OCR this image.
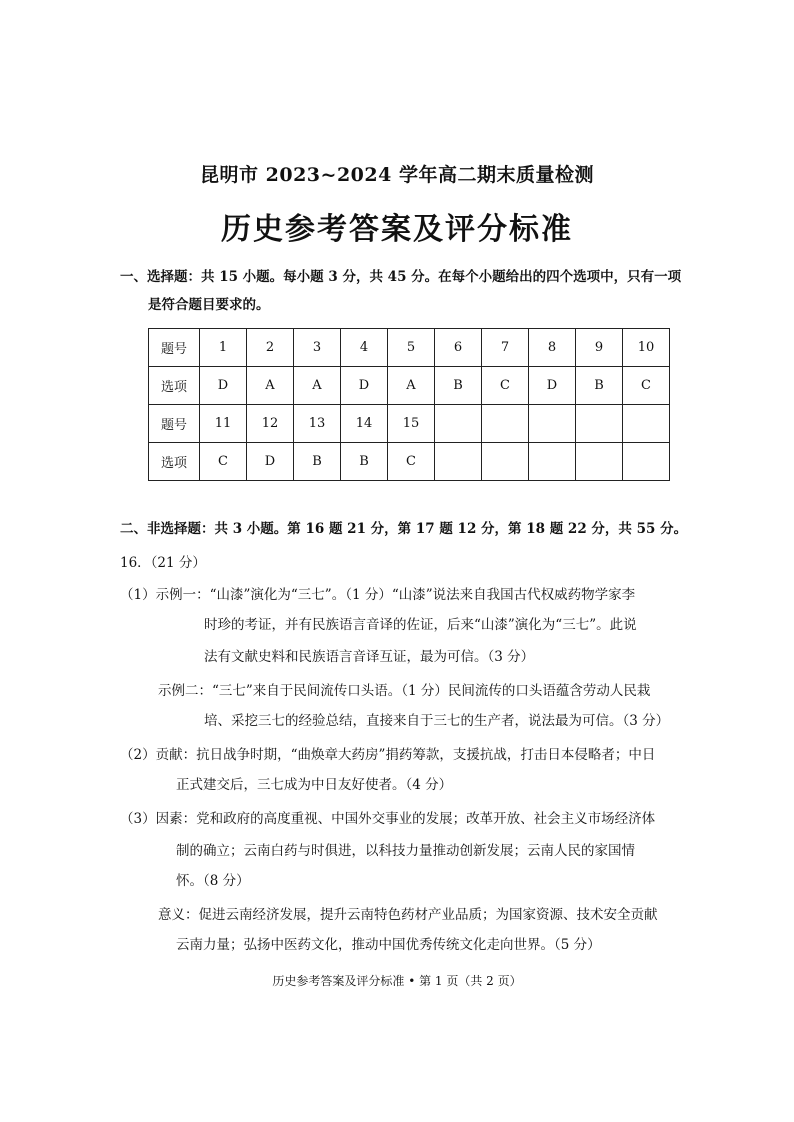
昆明市 2023~2024 学年高二期末质量检测
历史参考答案及评分标准
一、选择题：共 15 小题。每小题 3 分，共 45 分。在每个小题给出的四个选项中，只有一项
是符合题目要求的。
题号	1	2	3	4	5	6	7	8	9	10
选项	D	A	A	D	A	B	C	D	B	C
题号	11	12	13	14	15					
选项	C	D	B	B	C					
二、非选择题：共 3 小题。第 16 题 21 分，第 17 题 12 分，第 18 题 22 分，共 55 分。
16．（21 分）
（1）示例一：“山漆”演化为“三七”。（1 分）“山漆”说法来自我国古代权威药物学家李
时珍的考证，并有民族语言音译的佐证，后来“山漆”演化为“三七”。此说
法有文献史料和民族语言音译互证，最为可信。（3 分）
示例二：“三七”来自于民间流传口头语。（1 分）民间流传的口头语蕴含劳动人民栽
培、采挖三七的经验总结，直接来自于三七的生产者，说法最为可信。（3 分）
（2）贡献：抗日战争时期，“曲焕章大药房”捐药筹款，支援抗战，打击日本侵略者；中日
正式建交后，三七成为中日友好使者。（4 分）
（3）因素：党和政府的高度重视、中国外交事业的发展；改革开放、社会主义市场经济体
制的确立；云南白药与时俱进，以科技力量推动创新发展；云南人民的家国情
怀。（8 分）
意义：促进云南经济发展，提升云南特色药材产业品质；为国家资源、技术安全贡献
云南力量；弘扬中医药文化，推动中国优秀传统文化走向世界。（5 分）
历史参考答案及评分标准 • 第 1 页（共 2 页）
